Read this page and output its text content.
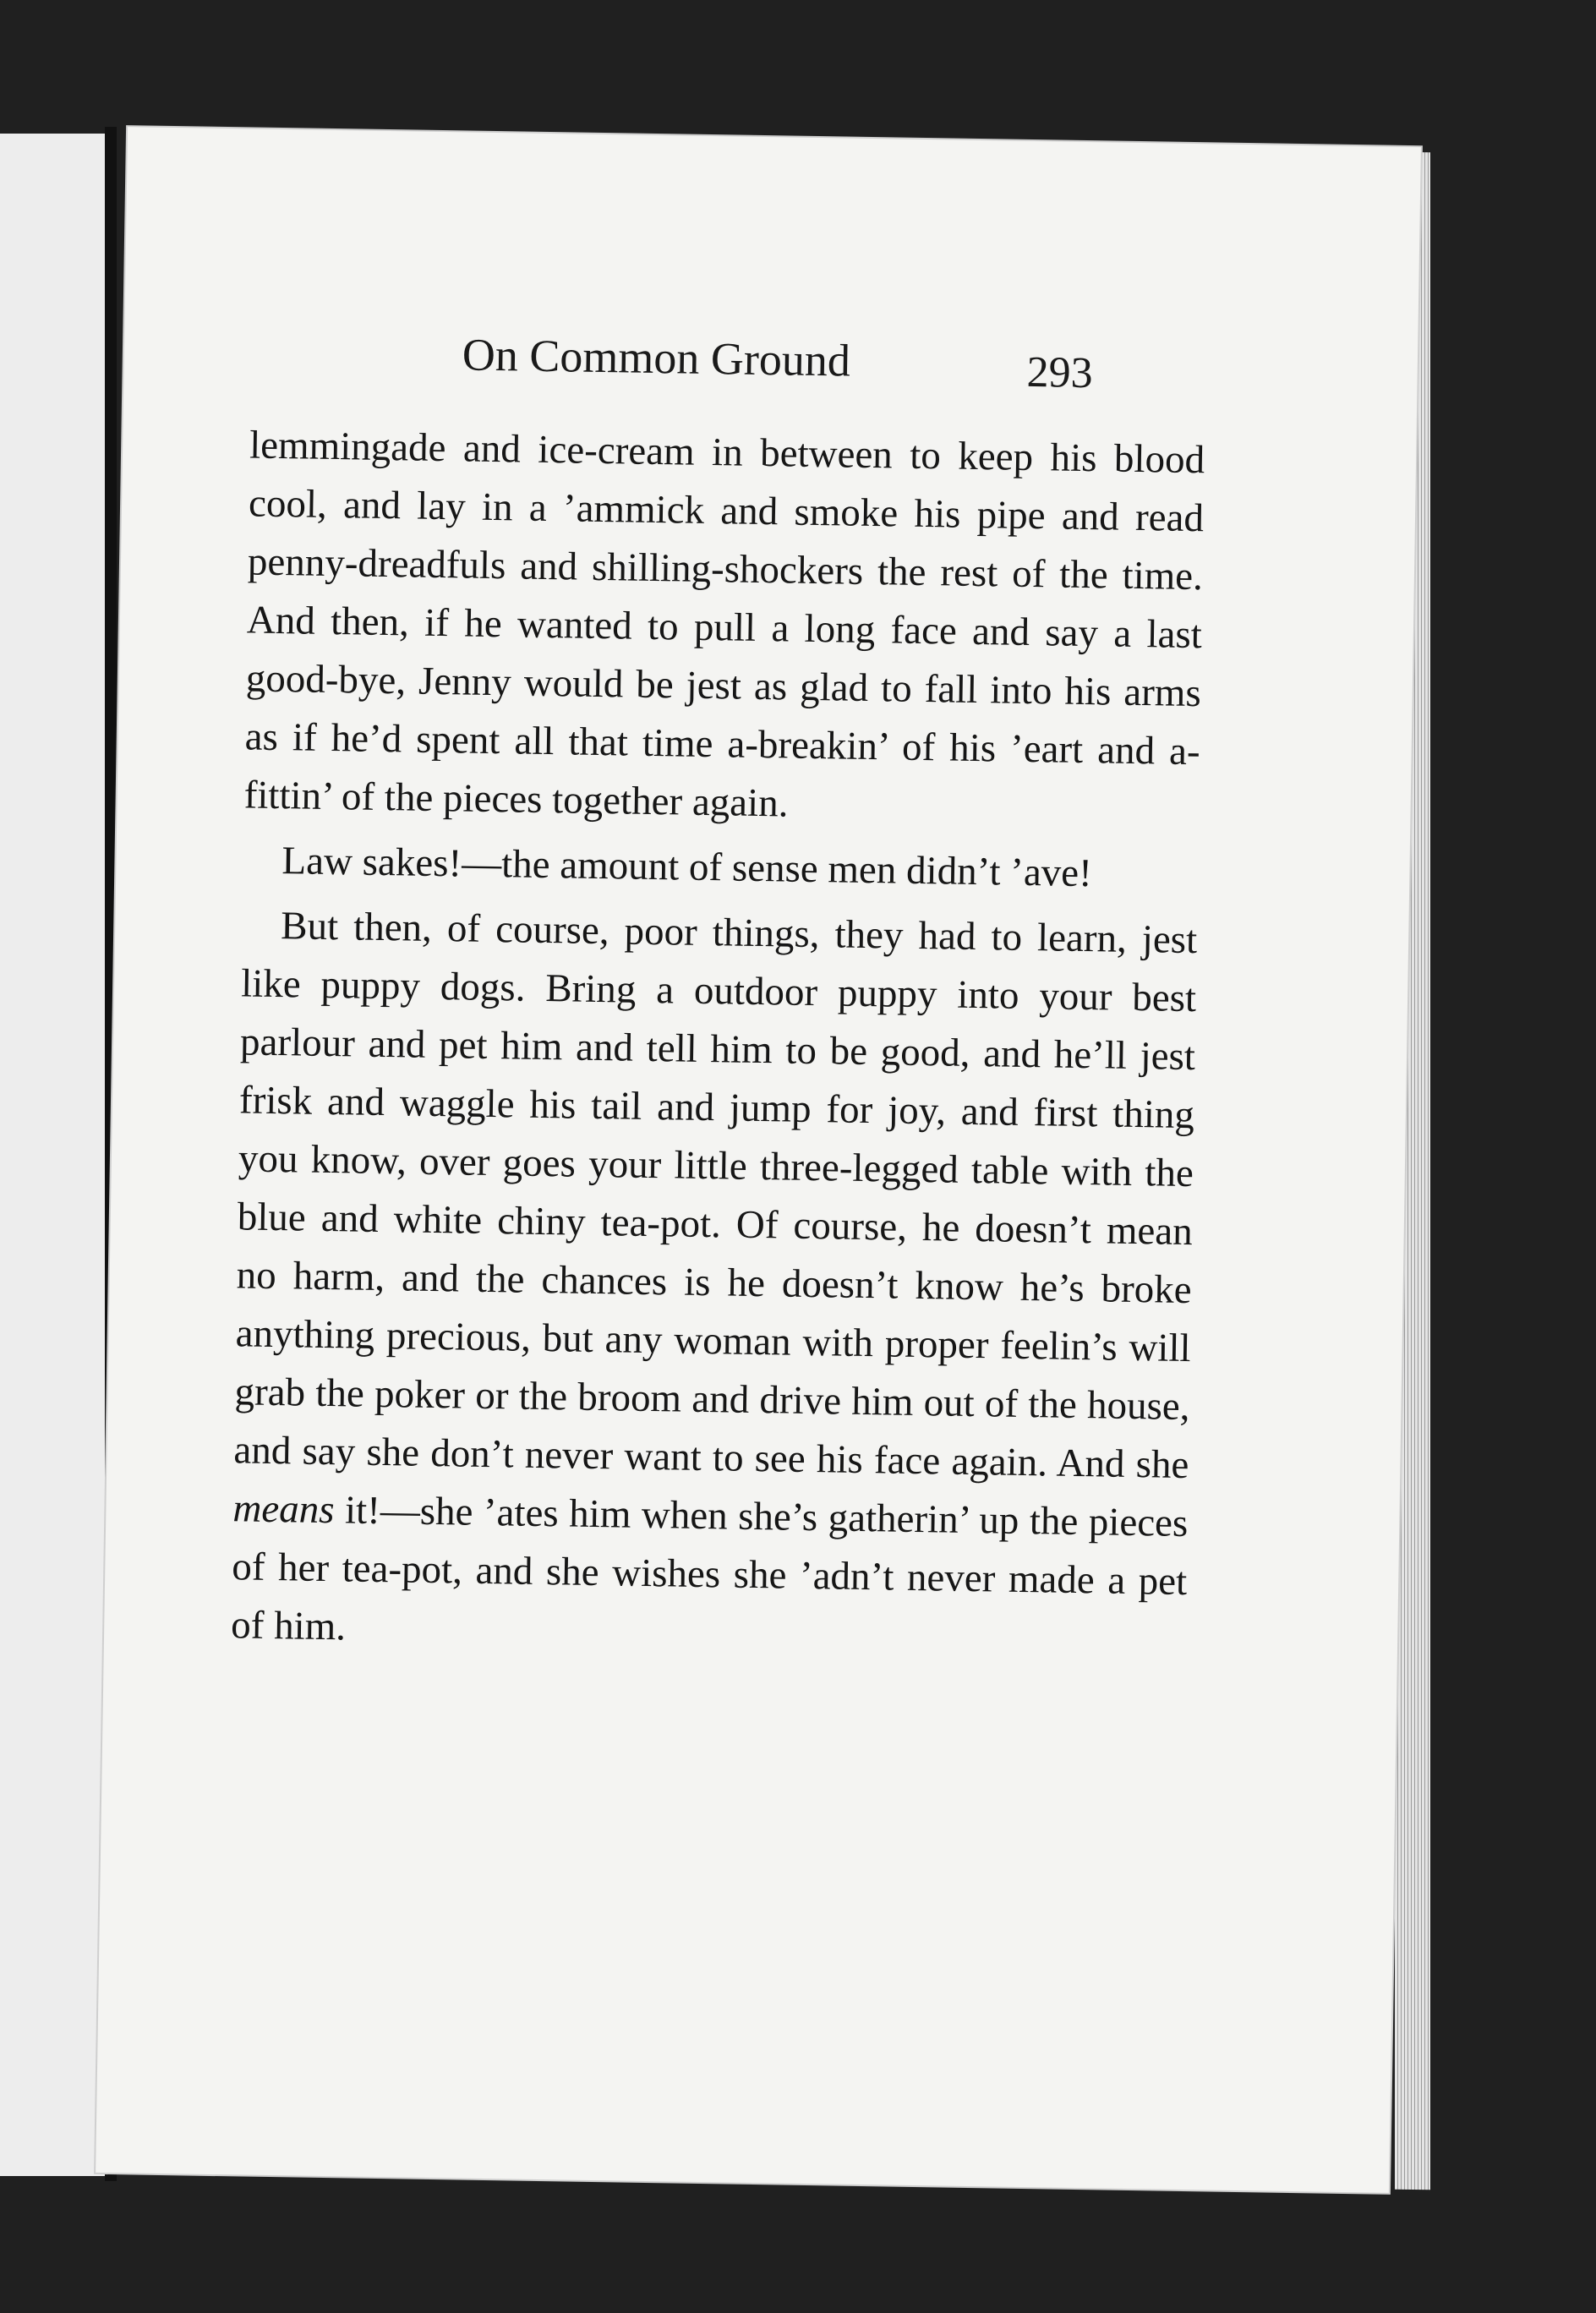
On Common Ground	293

lemmingade and ice-cream in between to keep his blood cool, and lay in a ’ammick and smoke his pipe and read penny-dreadfuls and shilling-shockers the rest of the time. And then, if he wanted to pull a long face and say a last good-bye, Jenny would be jest as glad to fall into his arms as if he’d spent all that time a-breakin’ of his ’eart and a-fittin’ of the pieces together again.

Law sakes!—the amount of sense men didn’t ’ave!

But then, of course, poor things, they had to learn, jest like puppy dogs. Bring a outdoor puppy into your best parlour and pet him and tell him to be good, and he’ll jest frisk and waggle his tail and jump for joy, and first thing you know, over goes your little three-legged table with the blue and white chiny tea-pot. Of course, he doesn’t mean no harm, and the chances is he doesn’t know he’s broke anything precious, but any woman with proper feelin’s will grab the poker or the broom and drive him out of the house, and say she don’t never want to see his face again. And she means it!—she ’ates him when she’s gatherin’ up the pieces of her tea-pot, and she wishes she ’adn’t never made a pet of him.
